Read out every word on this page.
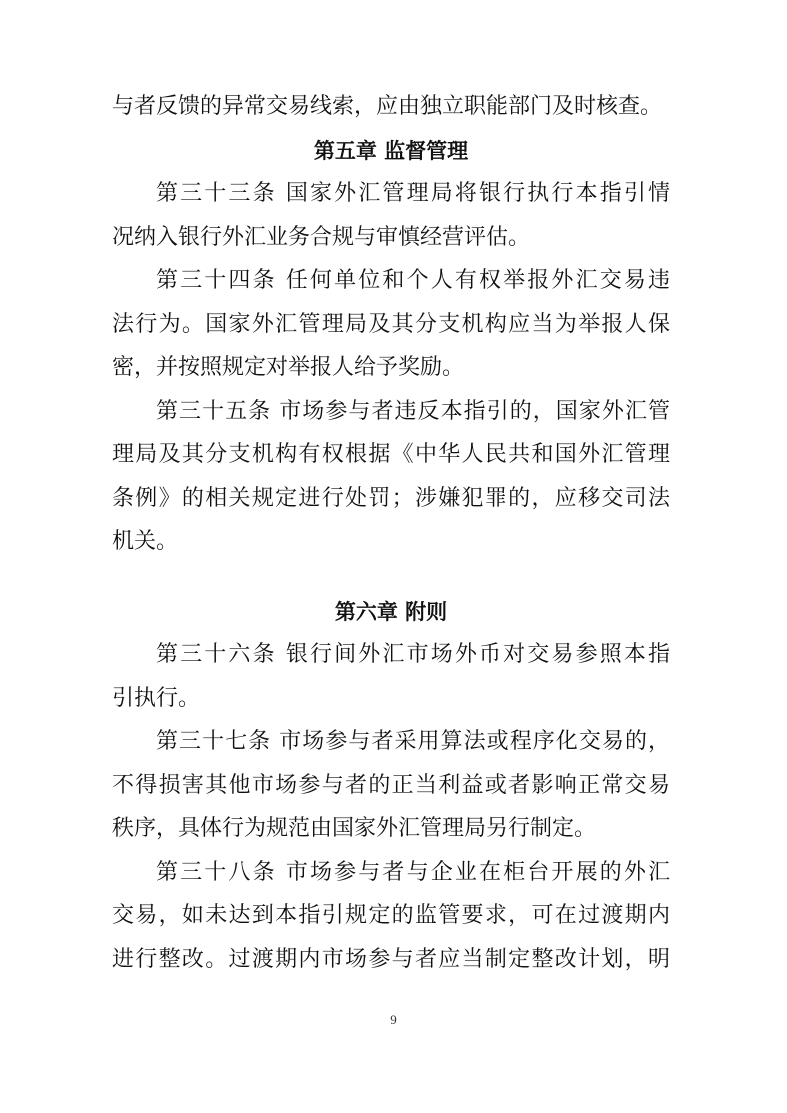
与者反馈的异常交易线索，应由独立职能部门及时核查。
第五章 监督管理
第三十三条 国家外汇管理局将银行执行本指引情
况纳入银行外汇业务合规与审慎经营评估。
第三十四条 任何单位和个人有权举报外汇交易违
法行为。国家外汇管理局及其分支机构应当为举报人保
密，并按照规定对举报人给予奖励。
第三十五条 市场参与者违反本指引的，国家外汇管
理局及其分支机构有权根据《中华人民共和国外汇管理
条例》的相关规定进行处罚；涉嫌犯罪的，应移交司法
机关。
第六章 附则
第三十六条 银行间外汇市场外币对交易参照本指
引执行。
第三十七条 市场参与者采用算法或程序化交易的，
不得损害其他市场参与者的正当利益或者影响正常交易
秩序，具体行为规范由国家外汇管理局另行制定。
第三十八条 市场参与者与企业在柜台开展的外汇
交易，如未达到本指引规定的监管要求，可在过渡期内
进行整改。过渡期内市场参与者应当制定整改计划，明
9
